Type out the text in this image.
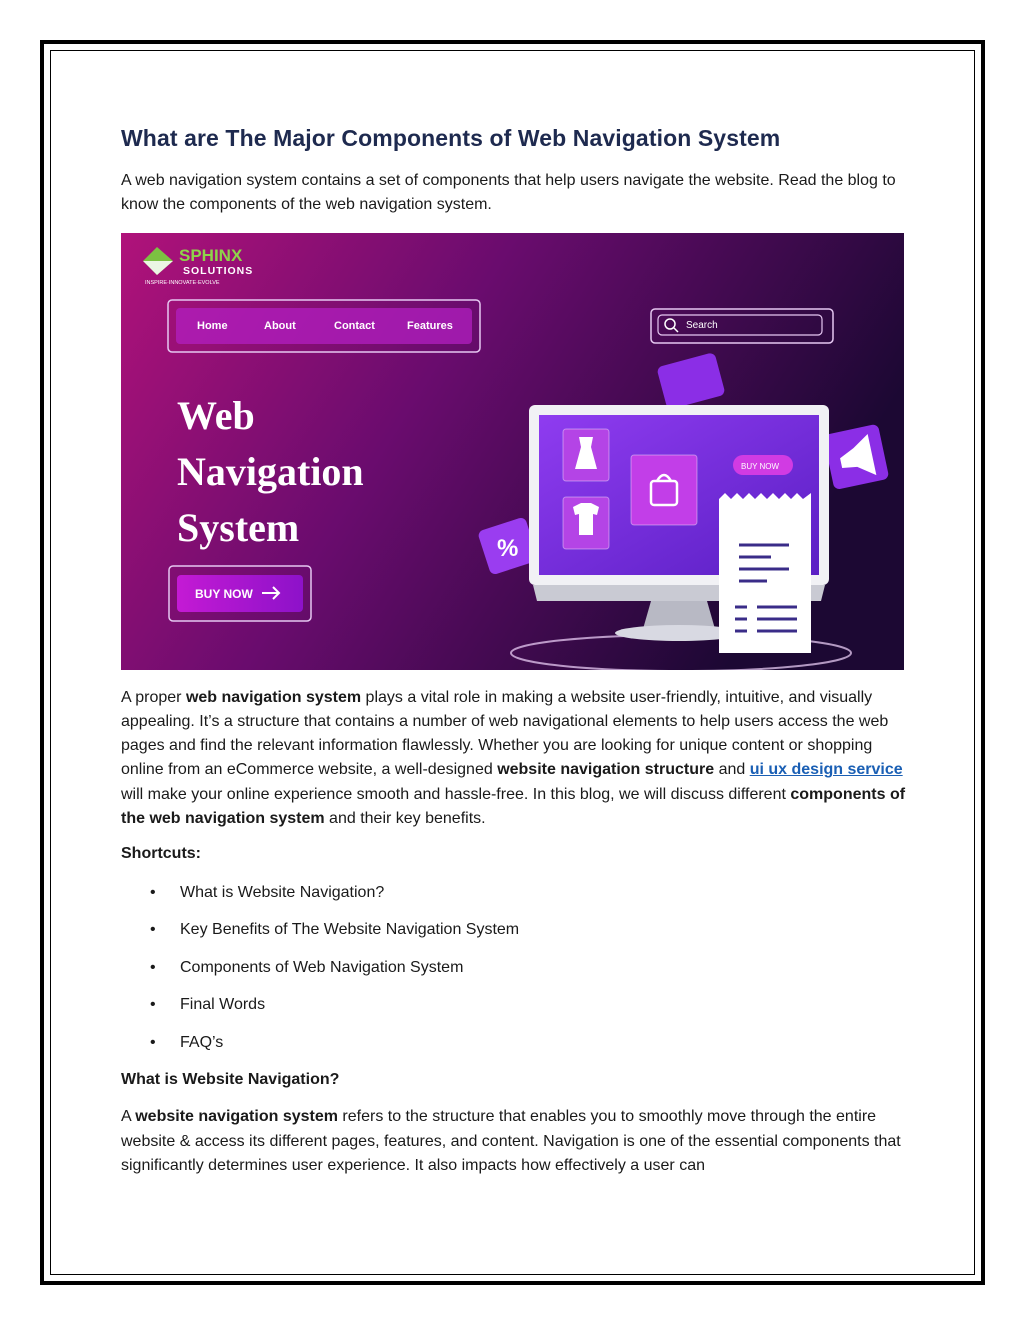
What are The Major Components of Web Navigation System

A web navigation system contains a set of components that help users navigate the website. Read the blog to know the components of the web navigation system.

SPHINX
SOLUTIONS
INSPIRE·INNOVATE·EVOLVE
Home	About	Contact	Features	Search
Web
Navigation
System
BUY NOW
%
BUY NOW

A proper web navigation system plays a vital role in making a website user-friendly, intuitive, and visually appealing. It’s a structure that contains a number of web navigational elements to help users access the web pages and find the relevant information flawlessly. Whether you are looking for unique content or shopping online from an eCommerce website, a well-designed website navigation structure and ui ux design service will make your online experience smooth and hassle-free. In this blog, we will discuss different components of the web navigation system and their key benefits.

Shortcuts:

• What is Website Navigation?
• Key Benefits of The Website Navigation System
• Components of Web Navigation System
• Final Words
• FAQ’s

What is Website Navigation?

A website navigation system refers to the structure that enables you to smoothly move through the entire website & access its different pages, features, and content. Navigation is one of the essential components that significantly determines user experience. It also impacts how effectively a user can
